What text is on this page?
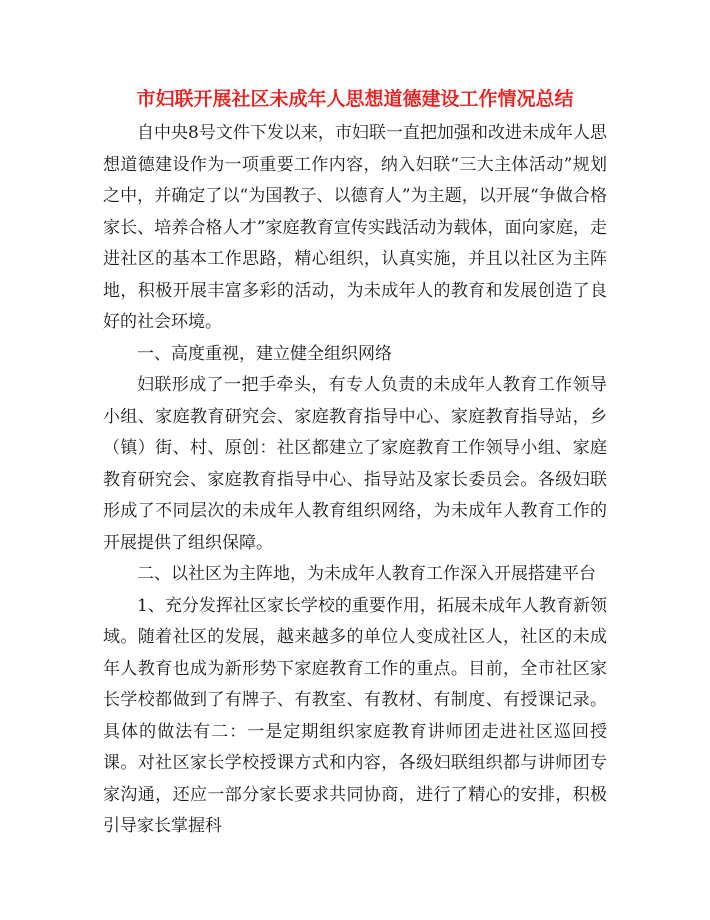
市妇联开展社区未成年人思想道德建设工作情况总结

自中央8号文件下发以来，市妇联一直把加强和改进未成年人思想道德建设作为一项重要工作内容，纳入妇联“三大主体活动”规划之中，并确定了以“为国教子、以德育人”为主题，以开展“争做合格家长、培养合格人才”家庭教育宣传实践活动为载体，面向家庭，走进社区的基本工作思路，精心组织，认真实施，并且以社区为主阵地，积极开展丰富多彩的活动，为未成年人的教育和发展创造了良好的社会环境。

一、高度重视，建立健全组织网络

妇联形成了一把手牵头，有专人负责的未成年人教育工作领导小组、家庭教育研究会、家庭教育指导中心、家庭教育指导站，乡（镇）街、村、原创：社区都建立了家庭教育工作领导小组、家庭教育研究会、家庭教育指导中心、指导站及家长委员会。各级妇联形成了不同层次的未成年人教育组织网络，为未成年人教育工作的开展提供了组织保障。

二、以社区为主阵地，为未成年人教育工作深入开展搭建平台

1、充分发挥社区家长学校的重要作用，拓展未成年人教育新领域。随着社区的发展，越来越多的单位人变成社区人，社区的未成年人教育也成为新形势下家庭教育工作的重点。目前，全市社区家长学校都做到了有牌子、有教室、有教材、有制度、有授课记录。具体的做法有二：一是定期组织家庭教育讲师团走进社区巡回授课。对社区家长学校授课方式和内容，各级妇联组织都与讲师团专家沟通，还应一部分家长要求共同协商，进行了精心的安排，积极引导家长掌握科
